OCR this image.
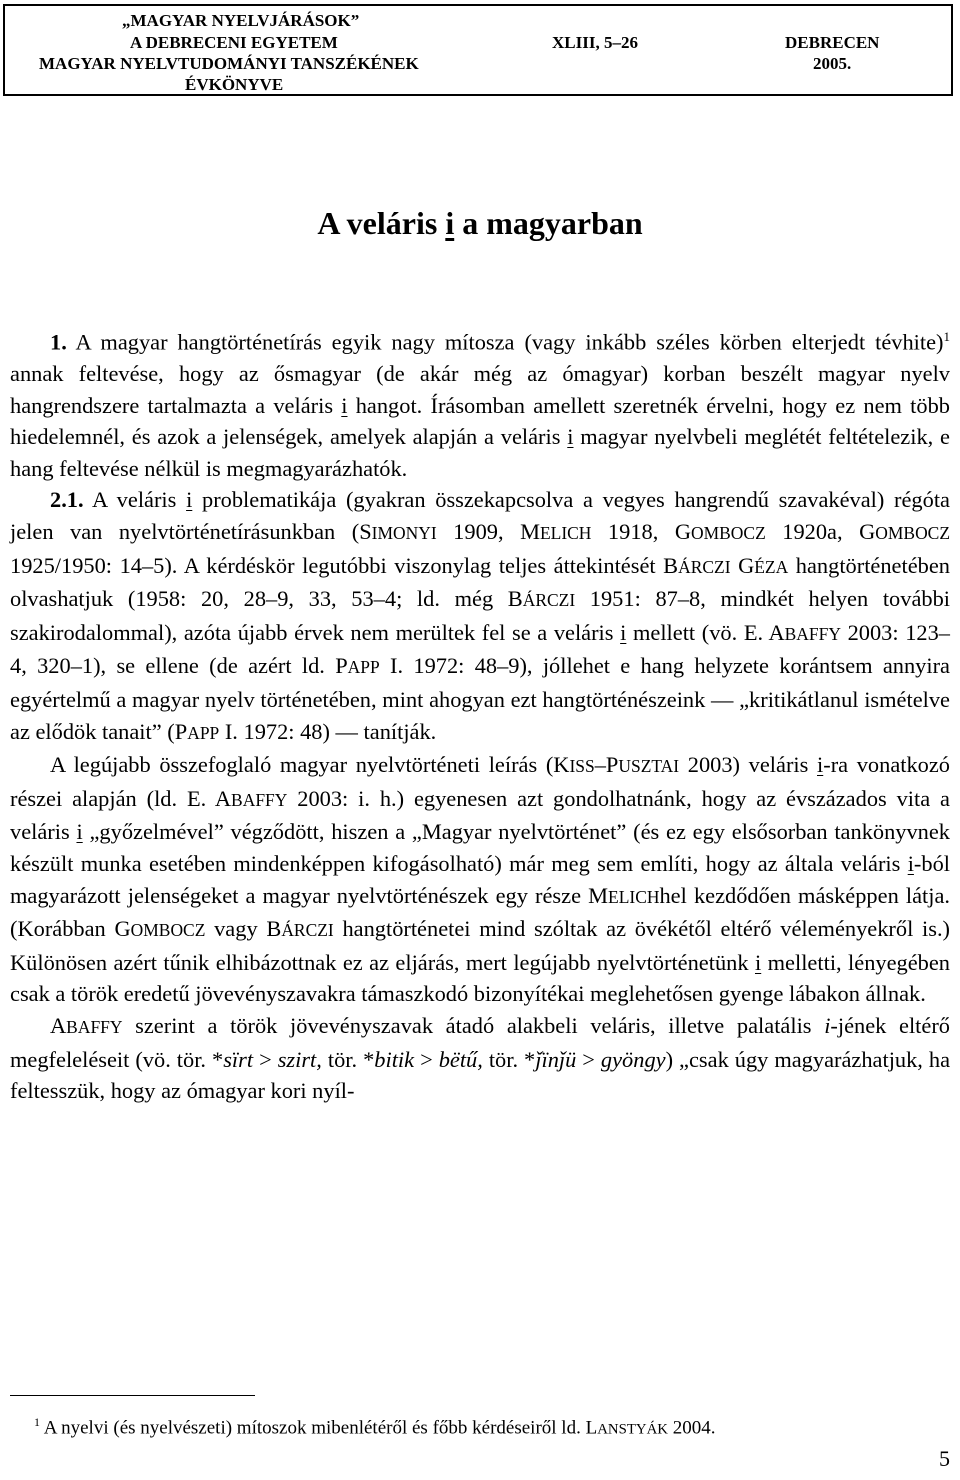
„MAGYAR NYELVJÁRÁSOK”
A DEBRECENI EGYETEM
MAGYAR NYELVTUDOMÁNYI TANSZÉKÉNEK
ÉVKÖNYVE
XLIII, 5–26	DEBRECEN
2005.
A veláris i a magyarban

1. A magyar hangtörténetírás egyik nagy mítosza (vagy inkább széles körben elterjedt tévhite)$^1$ annak feltevése, hogy az ősmagyar (de akár még az ómagyar) korban beszélt magyar nyelv hangrendszere tartalmazta a veláris i hangot. Írásomban amellett szeretnék érvelni, hogy ez nem több hiedelemnél, és azok a jelenségek, amelyek alapján a veláris i magyar nyelvbeli meglétét feltételezik, e hang feltevése nélkül is megmagyarázhatók.

2.1. A veláris i problematikája (gyakran összekapcsolva a vegyes hangrendű szavakéval) régóta jelen van nyelvtörténetírásunkban (SIMONYI 1909, MELICH 1918, GOMBOCZ 1920a, GOMBOCZ 1925/1950: 14–5). A kérdéskör legutóbbi viszonylag teljes áttekintését BÁRCZI GÉZA hangtörténetében olvashatjuk (1958: 20, 28–9, 33, 53–4; ld. még BÁRCZI 1951: 87–8, mindkét helyen további szakirodalommal), azóta újabb érvek nem merültek fel se a veláris i mellett (vö. E. ABAFFY 2003: 123–4, 320–1), se ellene (de azért ld. PAPP I. 1972: 48–9), jóllehet e hang helyzete korántsem annyira egyértelmű a magyar nyelv történetében, mint ahogyan ezt hangtörténészeink — „kritikátlanul ismételve az elődök tanait” (PAPP I. 1972: 48) — tanítják.

A legújabb összefoglaló magyar nyelvtörténeti leírás (KISS–PUSZTAI 2003) veláris i-ra vonatkozó részei alapján (ld. E. ABAFFY 2003: i. h.) egyenesen azt gondolhatnánk, hogy az évszázados vita a veláris i „győzelmével” végződött, hiszen a „Magyar nyelvtörténet” (és ez egy elsősorban tankönyvnek készült munka esetében mindenképpen kifogásolható) már meg sem említi, hogy az általa veláris i-ból magyarázott jelenségeket a magyar nyelvtörténészek egy része MELICHhel kezdődően másképpen látja. (Korábban GOMBOCZ vagy BÁRCZI hangtörténetei mind szóltak az övékétől eltérő véleményekről is.) Különösen azért tűnik elhibázottnak ez az eljárás, mert legújabb nyelvtörténetünk i melletti, lényegében csak a török eredetű jövevényszavakra támaszkodó bizonyítékai meglehetősen gyenge lábakon állnak.

ABAFFY szerint a török jövevényszavak átadó alakbeli veláris, illetve palatális i-jének eltérő megfeleléseit (vö. tör. *sïrt > szirt, tör. *bitik > bëtű, tör. *ǰïnǰü > gyöngy) „csak úgy magyarázhatjuk, ha feltesszük, hogy az ómagyar kori nyíl-

$^1$ A nyelvi (és nyelvészeti) mítoszok mibenlétéről és főbb kérdéseiről ld. LANSTYÁK 2004.
5
